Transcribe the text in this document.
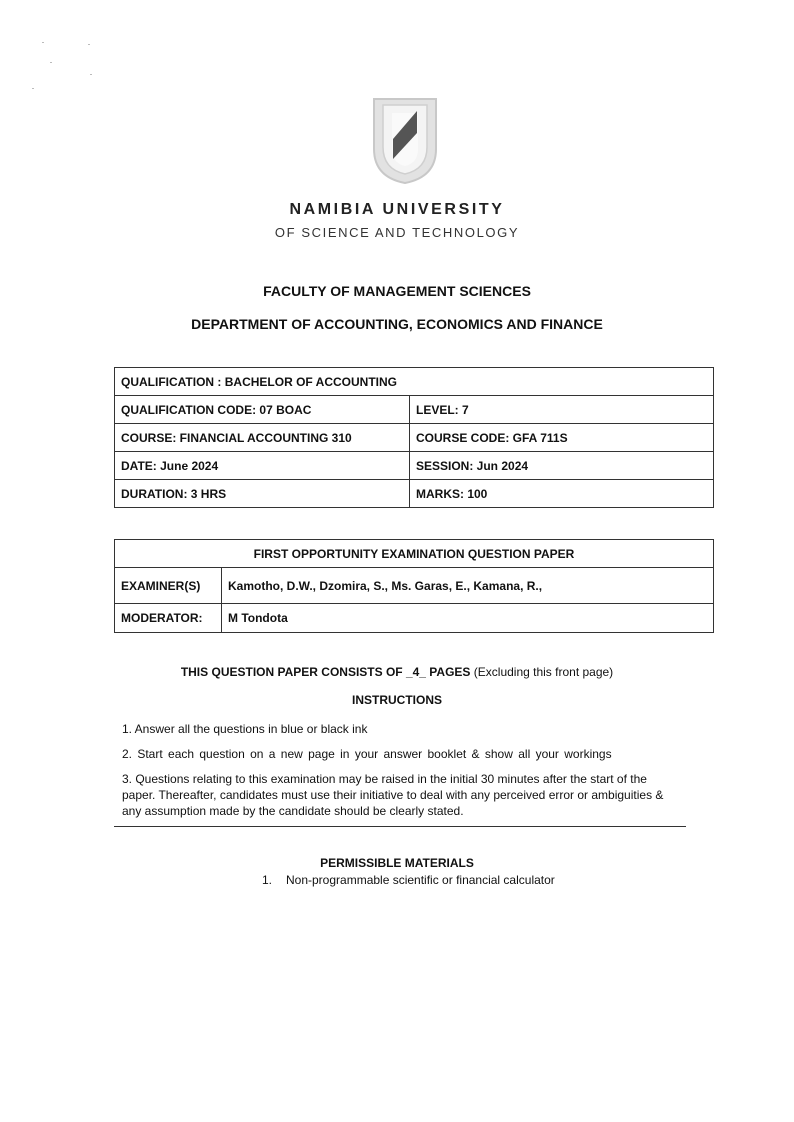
NAMIBIA UNIVERSITY
OF SCIENCE AND TECHNOLOGY
FACULTY OF MANAGEMENT SCIENCES
DEPARTMENT OF ACCOUNTING, ECONOMICS AND FINANCE
QUALIFICATION : BACHELOR OF ACCOUNTING	
QUALIFICATION CODE: 07 BOAC	LEVEL: 7
COURSE: FINANCIAL ACCOUNTING 310	COURSE CODE: GFA 711S
DATE: June 2024	SESSION: Jun 2024
DURATION: 3 HRS	MARKS: 100
FIRST OPPORTUNITY EXAMINATION QUESTION PAPER	
EXAMINER(S)	Kamotho, D.W., Dzomira, S., Ms. Garas, E., Kamana, R.,
MODERATOR:	M Tondota
THIS QUESTION PAPER CONSISTS OF _4_ PAGES (Excluding this front page)
INSTRUCTIONS
1. Answer all the questions in blue or black ink
2. Start each question on a new page in your answer booklet & show all your workings
3. Questions relating to this examination may be raised in the initial 30 minutes after the start of the paper. Thereafter, candidates must use their initiative to deal with any perceived error or ambiguities & any assumption made by the candidate should be clearly stated.
PERMISSIBLE MATERIALS
1. Non-programmable scientific or financial calculator
